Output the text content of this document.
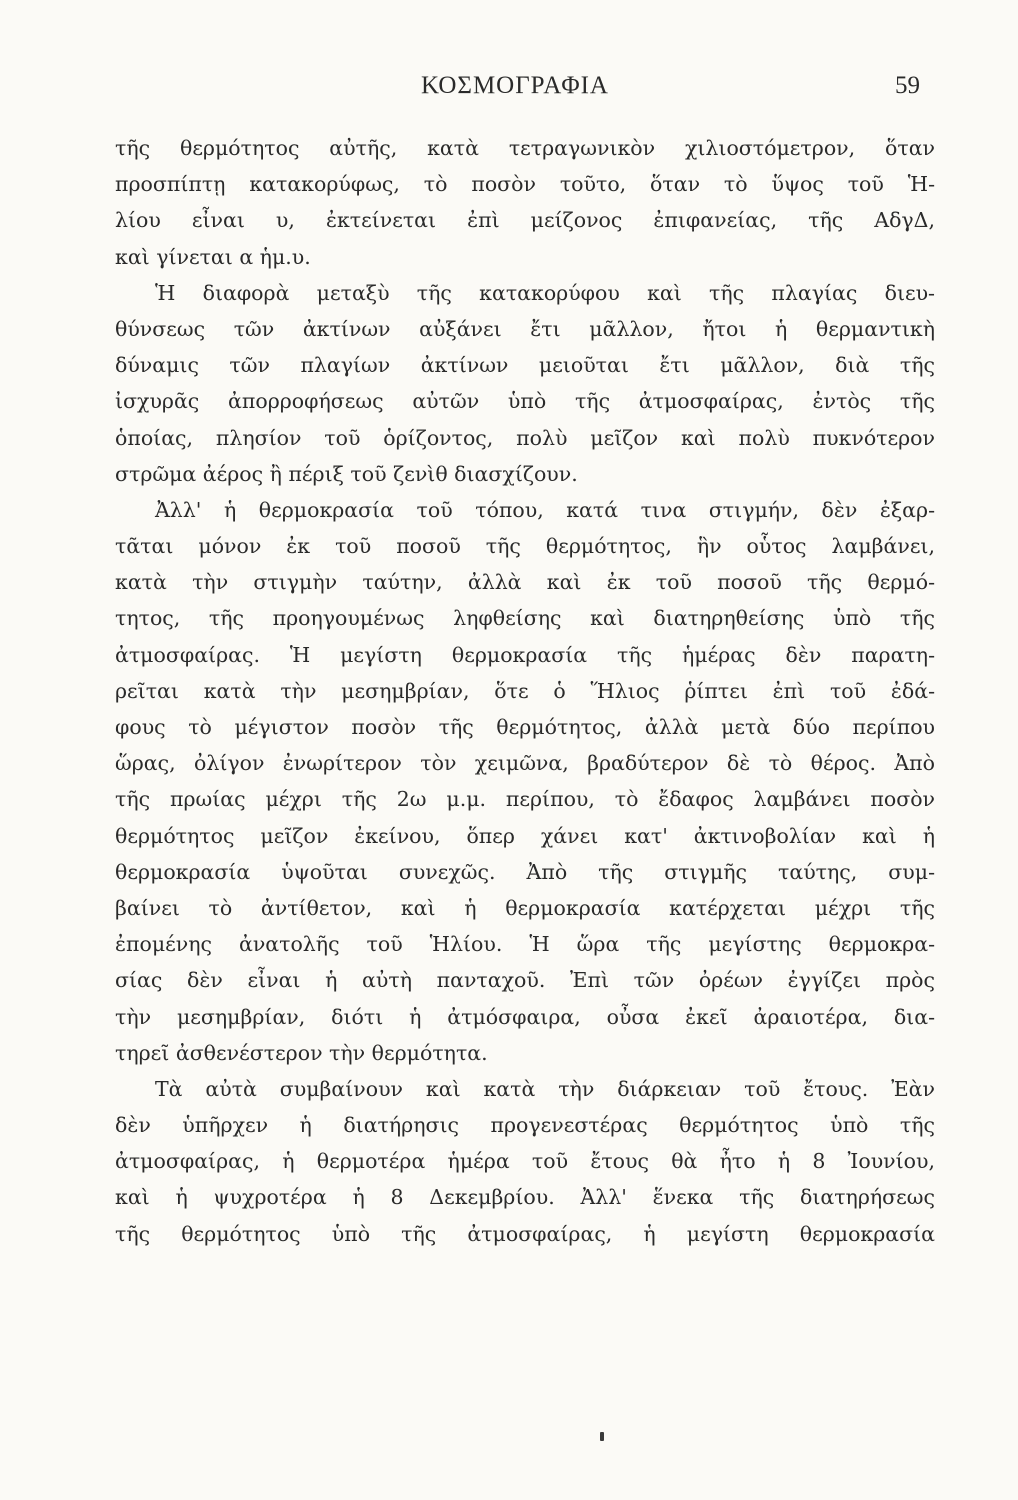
ΚΟΣΜΟΓΡΑΦΙΑ	59
τῆς θερμότητος αὐτῆς, κατὰ τετραγωνικὸν χιλιοστόμετρον, ὅταν
προσπίπτῃ κατακορύφως, τὸ ποσὸν τοῦτο, ὅταν τὸ ὕψος τοῦ Ἡ-
λίου εἶναι υ, ἐκτείνεται ἐπὶ μείζονος ἐπιφανείας, τῆς ΑδγΔ,
καὶ γίνεται α ἡμ.υ.
Ἡ διαφορὰ μεταξὺ τῆς κατακορύφου καὶ τῆς πλαγίας διευ-
θύνσεως τῶν ἀκτίνων αὐξάνει ἔτι μᾶλλον, ἤτοι ἡ θερμαντικὴ
δύναμις τῶν πλαγίων ἀκτίνων μειοῦται ἔτι μᾶλλον, διὰ τῆς
ἰσχυρᾶς ἀπορροφήσεως αὐτῶν ὑπὸ τῆς ἀτμοσφαίρας, ἐντὸς τῆς
ὁποίας, πλησίον τοῦ ὁρίζοντος, πολὺ μεῖζον καὶ πολὺ πυκνότερον
στρῶμα ἀέρος ἢ πέριξ τοῦ ζενὶθ διασχίζουν.
Ἀλλ' ἡ θερμοκρασία τοῦ τόπου, κατά τινα στιγμήν, δὲν ἐξαρ-
τᾶται μόνον ἐκ τοῦ ποσοῦ τῆς θερμότητος, ἣν οὗτος λαμβάνει,
κατὰ τὴν στιγμὴν ταύτην, ἀλλὰ καὶ ἐκ τοῦ ποσοῦ τῆς θερμό-
τητος, τῆς προηγουμένως ληφθείσης καὶ διατηρηθείσης ὑπὸ τῆς
ἀτμοσφαίρας. Ἡ μεγίστη θερμοκρασία τῆς ἡμέρας δὲν παρατη-
ρεῖται κατὰ τὴν μεσημβρίαν, ὅτε ὁ Ἥλιος ῥίπτει ἐπὶ τοῦ ἐδά-
φους τὸ μέγιστον ποσὸν τῆς θερμότητος, ἀλλὰ μετὰ δύο περίπου
ὥρας, ὀλίγον ἐνωρίτερον τὸν χειμῶνα, βραδύτερον δὲ τὸ θέρος. Ἀπὸ
τῆς πρωίας μέχρι τῆς 2ω μ.μ. περίπου, τὸ ἔδαφος λαμβάνει ποσὸν
θερμότητος μεῖζον ἐκείνου, ὅπερ χάνει κατ' ἀκτινοβολίαν καὶ ἡ
θερμοκρασία ὑψοῦται συνεχῶς. Ἀπὸ τῆς στιγμῆς ταύτης, συμ-
βαίνει τὸ ἀντίθετον, καὶ ἡ θερμοκρασία κατέρχεται μέχρι τῆς
ἐπομένης ἀνατολῆς τοῦ Ἡλίου. Ἡ ὥρα τῆς μεγίστης θερμοκρα-
σίας δὲν εἶναι ἡ αὐτὴ πανταχοῦ. Ἐπὶ τῶν ὀρέων ἐγγίζει πρὸς
τὴν μεσημβρίαν, διότι ἡ ἀτμόσφαιρα, οὖσα ἐκεῖ ἀραιοτέρα, δια-
τηρεῖ ἀσθενέστερον τὴν θερμότητα.
Τὰ αὐτὰ συμβαίνουν καὶ κατὰ τὴν διάρκειαν τοῦ ἔτους. Ἐὰν
δὲν ὑπῆρχεν ἡ διατήρησις προγενεστέρας θερμότητος ὑπὸ τῆς
ἀτμοσφαίρας, ἡ θερμοτέρα ἡμέρα τοῦ ἔτους θὰ ἦτο ἡ 8 Ἰουνίου,
καὶ ἡ ψυχροτέρα ἡ 8 Δεκεμβρίου. Ἀλλ' ἕνεκα τῆς διατηρήσεως
τῆς θερμότητος ὑπὸ τῆς ἀτμοσφαίρας, ἡ μεγίστη θερμοκρασία
